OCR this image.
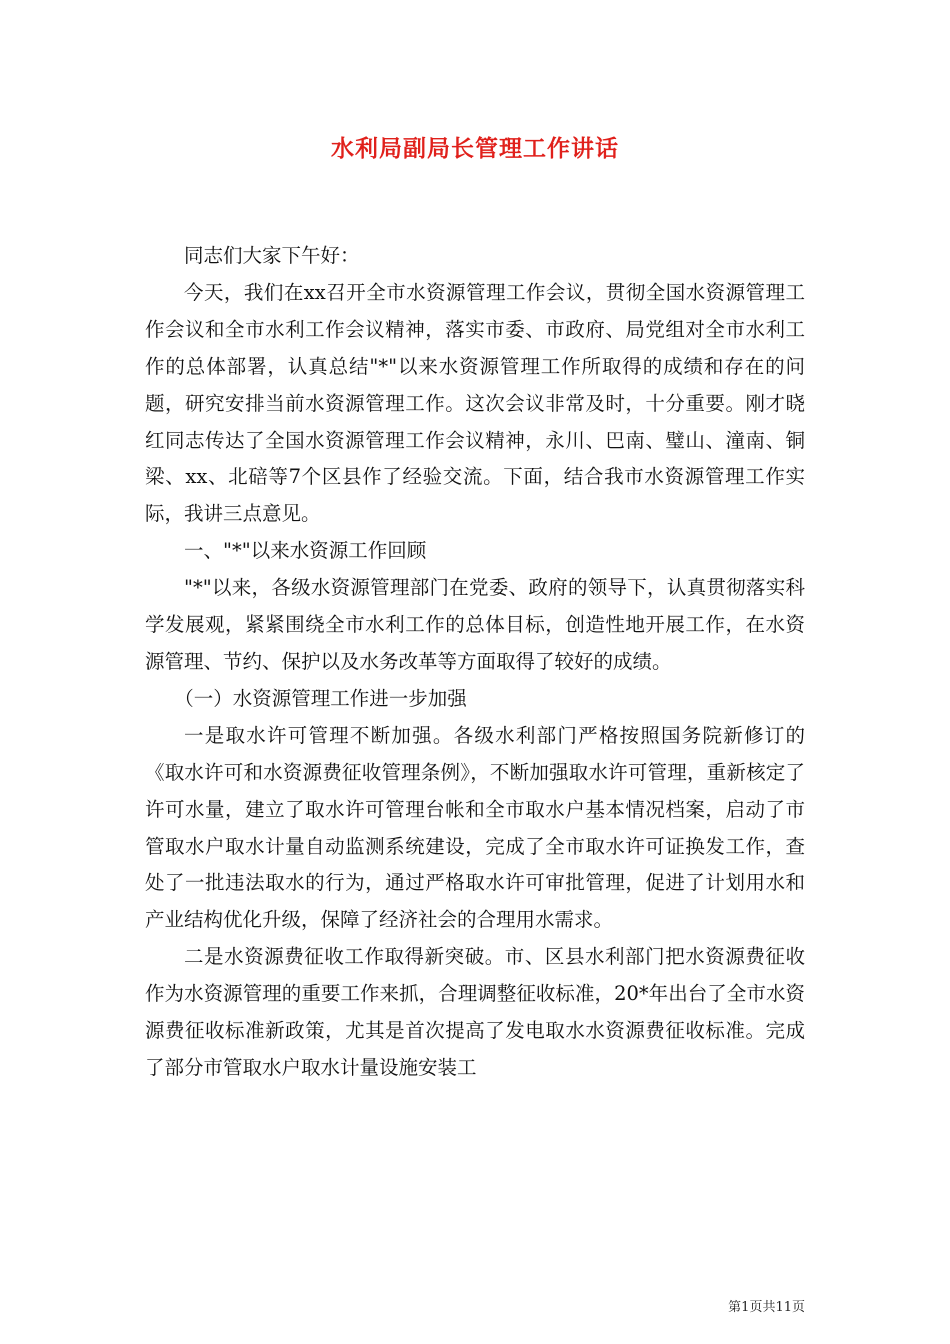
水利局副局长管理工作讲话

同志们大家下午好：

今天，我们在xx召开全市水资源管理工作会议，贯彻全国水资源管理工作会议和全市水利工作会议精神，落实市委、市政府、局党组对全市水利工作的总体部署，认真总结"*"以来水资源管理工作所取得的成绩和存在的问题，研究安排当前水资源管理工作。这次会议非常及时，十分重要。刚才晓红同志传达了全国水资源管理工作会议精神，永川、巴南、璧山、潼南、铜梁、xx、北碚等7个区县作了经验交流。下面，结合我市水资源管理工作实际，我讲三点意见。

一、"*"以来水资源工作回顾

"*"以来，各级水资源管理部门在党委、政府的领导下，认真贯彻落实科学发展观，紧紧围绕全市水利工作的总体目标，创造性地开展工作，在水资源管理、节约、保护以及水务改革等方面取得了较好的成绩。

（一）水资源管理工作进一步加强

一是取水许可管理不断加强。各级水利部门严格按照国务院新修订的《取水许可和水资源费征收管理条例》，不断加强取水许可管理，重新核定了许可水量，建立了取水许可管理台帐和全市取水户基本情况档案，启动了市管取水户取水计量自动监测系统建设，完成了全市取水许可证换发工作，查处了一批违法取水的行为，通过严格取水许可审批管理，促进了计划用水和产业结构优化升级，保障了经济社会的合理用水需求。

二是水资源费征收工作取得新突破。市、区县水利部门把水资源费征收作为水资源管理的重要工作来抓，合理调整征收标准，20*年出台了全市水资源费征收标准新政策，尤其是首次提高了发电取水水资源费征收标准。完成了部分市管取水户取水计量设施安装工

第1页共11页
